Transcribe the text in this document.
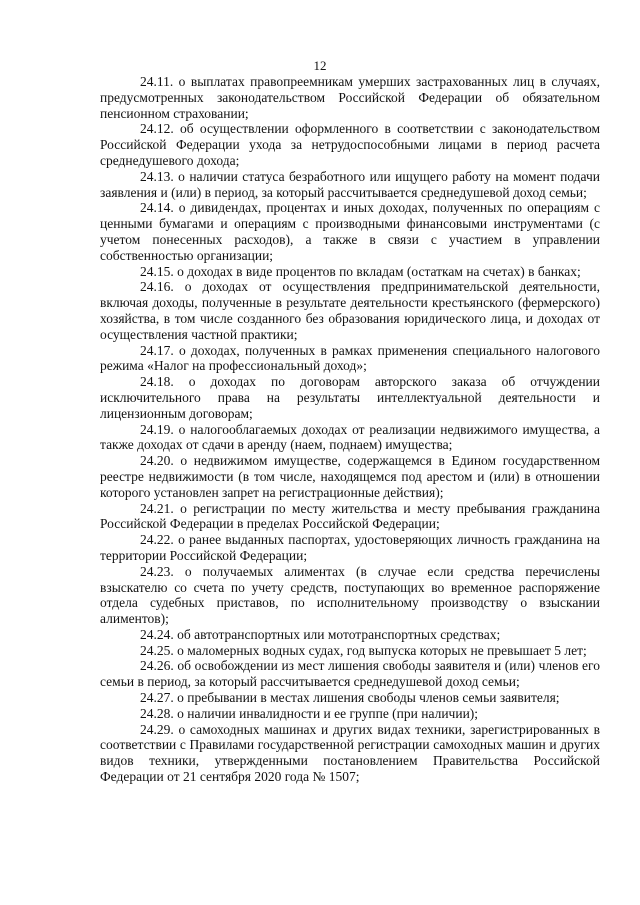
12

24.11. о выплатах правопреемникам умерших застрахованных лиц в случаях, предусмотренных законодательством Российской Федерации об обязательном пенсионном страховании;

24.12. об осуществлении оформленного в соответствии с законодательством Российской Федерации ухода за нетрудоспособными лицами в период расчета среднедушевого дохода;

24.13. о наличии статуса безработного или ищущего работу на момент подачи заявления и (или) в период, за который рассчитывается среднедушевой доход семьи;

24.14. о дивидендах, процентах и иных доходах, полученных по операциям с ценными бумагами и операциям с производными финансовыми инструментами (с учетом понесенных расходов), а также в связи с участием в управлении собственностью организации;

24.15. о доходах в виде процентов по вкладам (остаткам на счетах) в банках;

24.16. о доходах от осуществления предпринимательской деятельности, включая доходы, полученные в результате деятельности крестьянского (фермерского) хозяйства, в том числе созданного без образования юридического лица, и доходах от осуществления частной практики;

24.17. о доходах, полученных в рамках применения специального налогового режима «Налог на профессиональный доход»;

24.18. о доходах по договорам авторского заказа об отчуждении исключительного права на результаты интеллектуальной деятельности и лицензионным договорам;

24.19. о налогооблагаемых доходах от реализации недвижимого имущества, а также доходах от сдачи в аренду (наем, поднаем) имущества;

24.20. о недвижимом имуществе, содержащемся в Едином государственном реестре недвижимости (в том числе, находящемся под арестом и (или) в отношении которого установлен запрет на регистрационные действия);

24.21. о регистрации по месту жительства и месту пребывания гражданина Российской Федерации в пределах Российской Федерации;

24.22. о ранее выданных паспортах, удостоверяющих личность гражданина на территории Российской Федерации;

24.23. о получаемых алиментах (в случае если средства перечислены взыскателю со счета по учету средств, поступающих во временное распоряжение отдела судебных приставов, по исполнительному производству о взыскании алиментов);

24.24. об автотранспортных или мототранспортных средствах;

24.25. о маломерных водных судах, год выпуска которых не превышает 5 лет;

24.26. об освобождении из мест лишения свободы заявителя и (или) членов его семьи в период, за который рассчитывается среднедушевой доход семьи;

24.27. о пребывании в местах лишения свободы членов семьи заявителя;

24.28. о наличии инвалидности и ее группе (при наличии);

24.29. о самоходных машинах и других видах техники, зарегистрированных в соответствии с Правилами государственной регистрации самоходных машин и других видов техники, утвержденными постановлением Правительства Российской Федерации от 21 сентября 2020 года № 1507;
